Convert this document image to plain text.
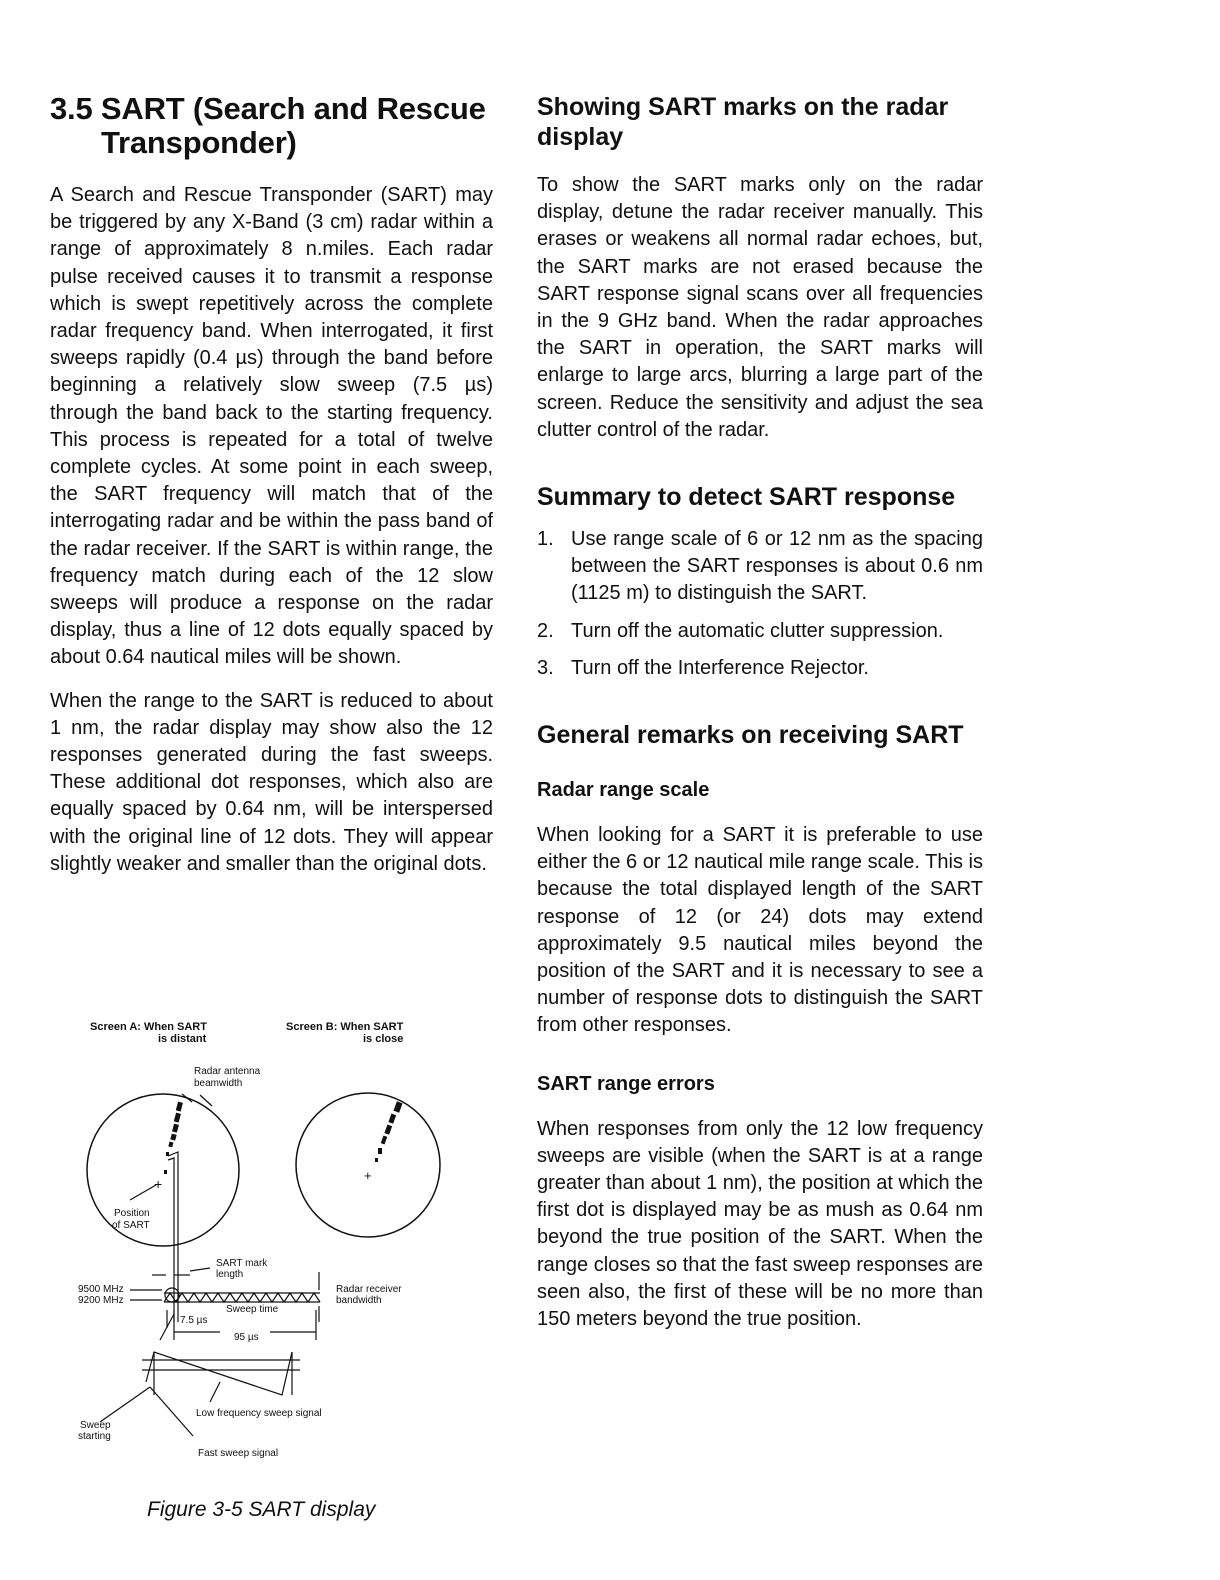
3.5 SART (Search and Rescue
Transponder)

A Search and Rescue Transponder (SART) may be triggered by any X-Band (3 cm) radar within a range of approximately 8 n.miles. Each radar pulse received causes it to transmit a response which is swept repetitively across the complete radar frequency band. When interrogated, it first sweeps rapidly (0.4 µs) through the band before beginning a relatively slow sweep (7.5 µs) through the band back to the starting frequency. This process is repeated for a total of twelve complete cycles. At some point in each sweep, the SART frequency will match that of the interrogating radar and be within the pass band of the radar receiver. If the SART is within range, the frequency match during each of the 12 slow sweeps will produce a response on the radar display, thus a line of 12 dots equally spaced by about 0.64 nautical miles will be shown.

When the range to the SART is reduced to about 1 nm, the radar display may show also the 12 responses generated during the fast sweeps. These additional dot responses, which also are equally spaced by 0.64 nm, will be interspersed with the original line of 12 dots. They will appear slightly weaker and smaller than the original dots.

Screen A: When SART
is distant
Screen B: When SART
is close
Radar antenna
beamwidth
+
Position
of SART
+
SART mark
length
9500 MHz
9200 MHz
Radar receiver
bandwidth
Sweep time
7.5 µs
95 µs
Low frequency sweep signal
Sweep
starting
Fast sweep signal
Figure 3-5 SART display
Showing SART marks on the radar display

To show the SART marks only on the radar display, detune the radar receiver manually. This erases or weakens all normal radar echoes, but, the SART marks are not erased because the SART response signal scans over all frequencies in the 9 GHz band. When the radar approaches the SART in operation, the SART marks will enlarge to large arcs, blurring a large part of the screen. Reduce the sensitivity and adjust the sea clutter control of the radar.

Summary to detect SART response
1. Use range scale of 6 or 12 nm as the spacing between the SART responses is about 0.6 nm (1125 m) to distinguish the SART.
2. Turn off the automatic clutter suppression.
3. Turn off the Interference Rejector.
General remarks on receiving SART
Radar range scale

When looking for a SART it is preferable to use either the 6 or 12 nautical mile range scale. This is because the total displayed length of the SART response of 12 (or 24) dots may extend approximately 9.5 nautical miles beyond the position of the SART and it is necessary to see a number of response dots to distinguish the SART from other responses.

SART range errors

When responses from only the 12 low frequency sweeps are visible (when the SART is at a range greater than about 1 nm), the position at which the first dot is displayed may be as mush as 0.64 nm beyond the true position of the SART. When the range closes so that the fast sweep responses are seen also, the first of these will be no more than 150 meters beyond the true position.
